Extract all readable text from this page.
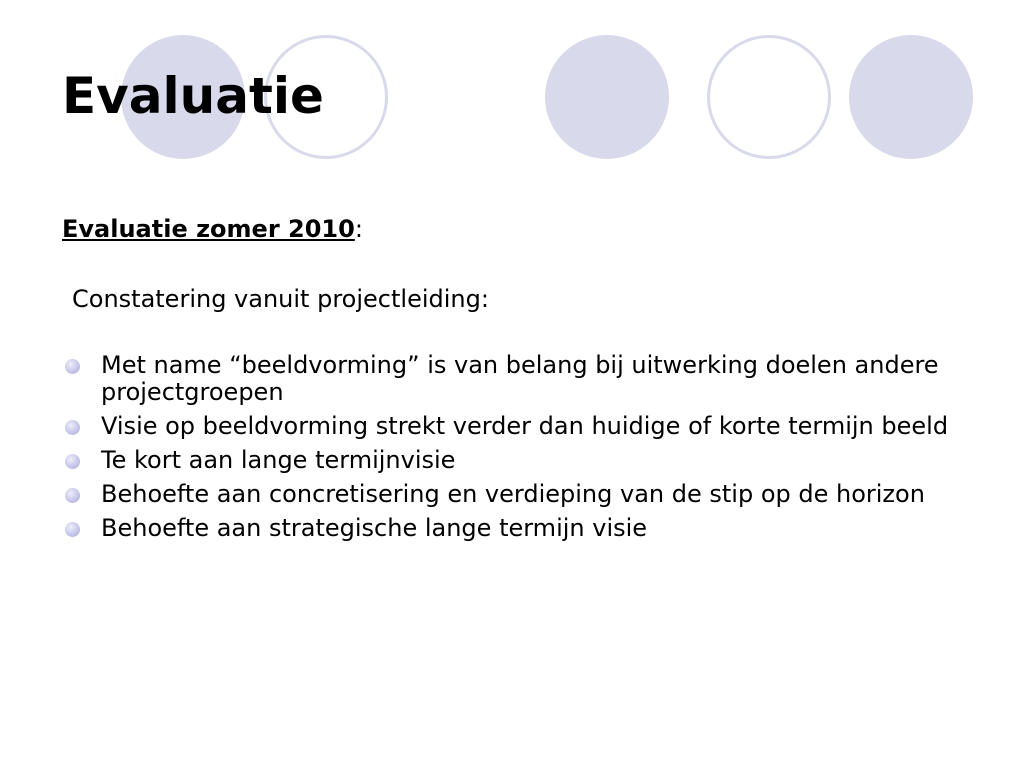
Evaluatie
Evaluatie zomer 2010:
Constatering vanuit projectleiding:
Met name “beeldvorming” is van belang bij uitwerking doelen andere projectgroepen
Visie op beeldvorming strekt verder dan huidige of korte termijn beeld
Te kort aan lange termijnvisie
Behoefte aan concretisering en verdieping van de stip op de horizon
Behoefte aan strategische lange termijn visie
